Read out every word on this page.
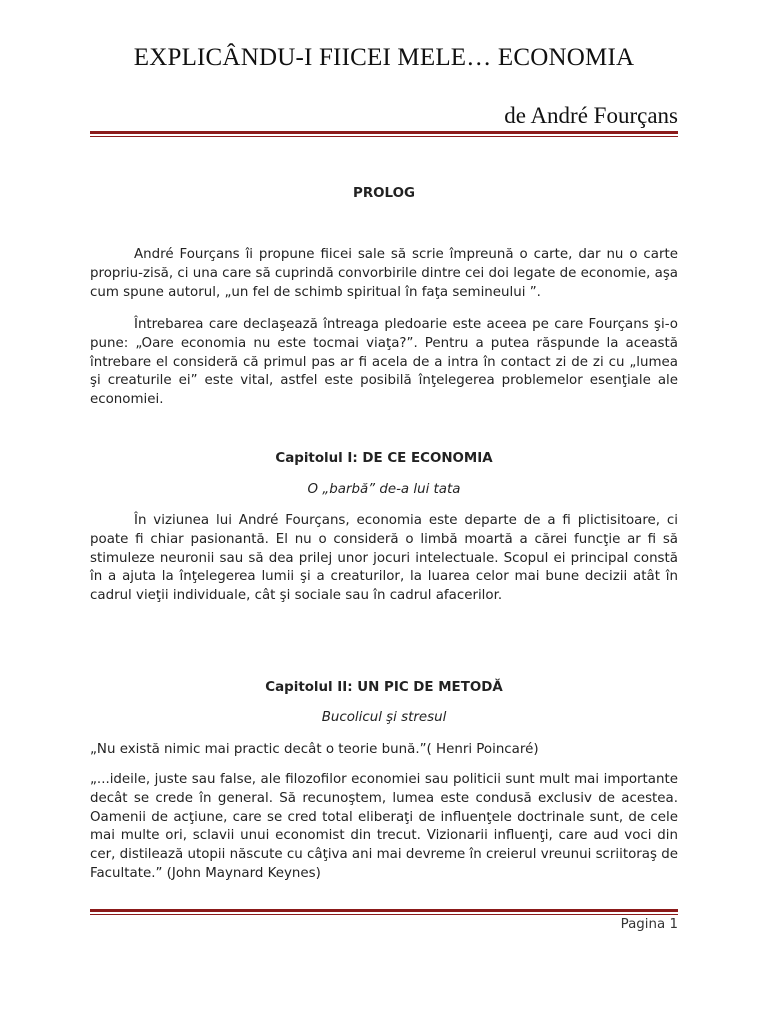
EXPLICÂNDU-I FIICEI MELE… ECONOMIA
de André Fourçans
PROLOG

André Fourçans îi propune fiicei sale să scrie împreună o carte, dar nu o carte propriu-zisă, ci una care să cuprindă convorbirile dintre cei doi legate de economie, aşa cum spune autorul, „un fel de schimb spiritual în faţa semineului ”.

Întrebarea care declaşează întreaga pledoarie este aceea pe care Fourçans şi-o pune: „Oare economia nu este tocmai viaţa?”. Pentru a putea răspunde la această întrebare el consideră că primul pas ar fi acela de a intra în contact zi de zi cu „lumea şi creaturile ei” este vital, astfel este posibilă înţelegerea problemelor esenţiale ale economiei.

Capitolul I: DE CE ECONOMIA
O „barbă” de-a lui tata

În viziunea lui André Fourçans, economia este departe de a fi plictisitoare, ci poate fi chiar pasionantă. El nu o consideră o limbă moartă a cărei funcţie ar fi să stimuleze neuronii sau să dea prilej unor jocuri intelectuale. Scopul ei principal constă în a ajuta la înţelegerea lumii şi a creaturilor, la luarea celor mai bune decizii atât în cadrul vieţii individuale, cât şi sociale sau în cadrul afacerilor.

Capitolul II: UN PIC DE METODĂ
Bucolicul şi stresul

„Nu există nimic mai practic decât o teorie bună.”( Henri Poincaré)

„...ideile, juste sau false, ale filozofilor economiei sau politicii sunt mult mai importante decât se crede în general. Să recunoştem, lumea este condusă exclusiv de acestea. Oamenii de acţiune, care se cred total eliberaţi de influenţele doctrinale sunt, de cele mai multe ori, sclavii unui economist din trecut. Vizionarii influenţi, care aud voci din cer, distilează utopii născute cu câţiva ani mai devreme în creierul vreunui scriitoraş de Facultate.” (John Maynard Keynes)

Pagina 1
